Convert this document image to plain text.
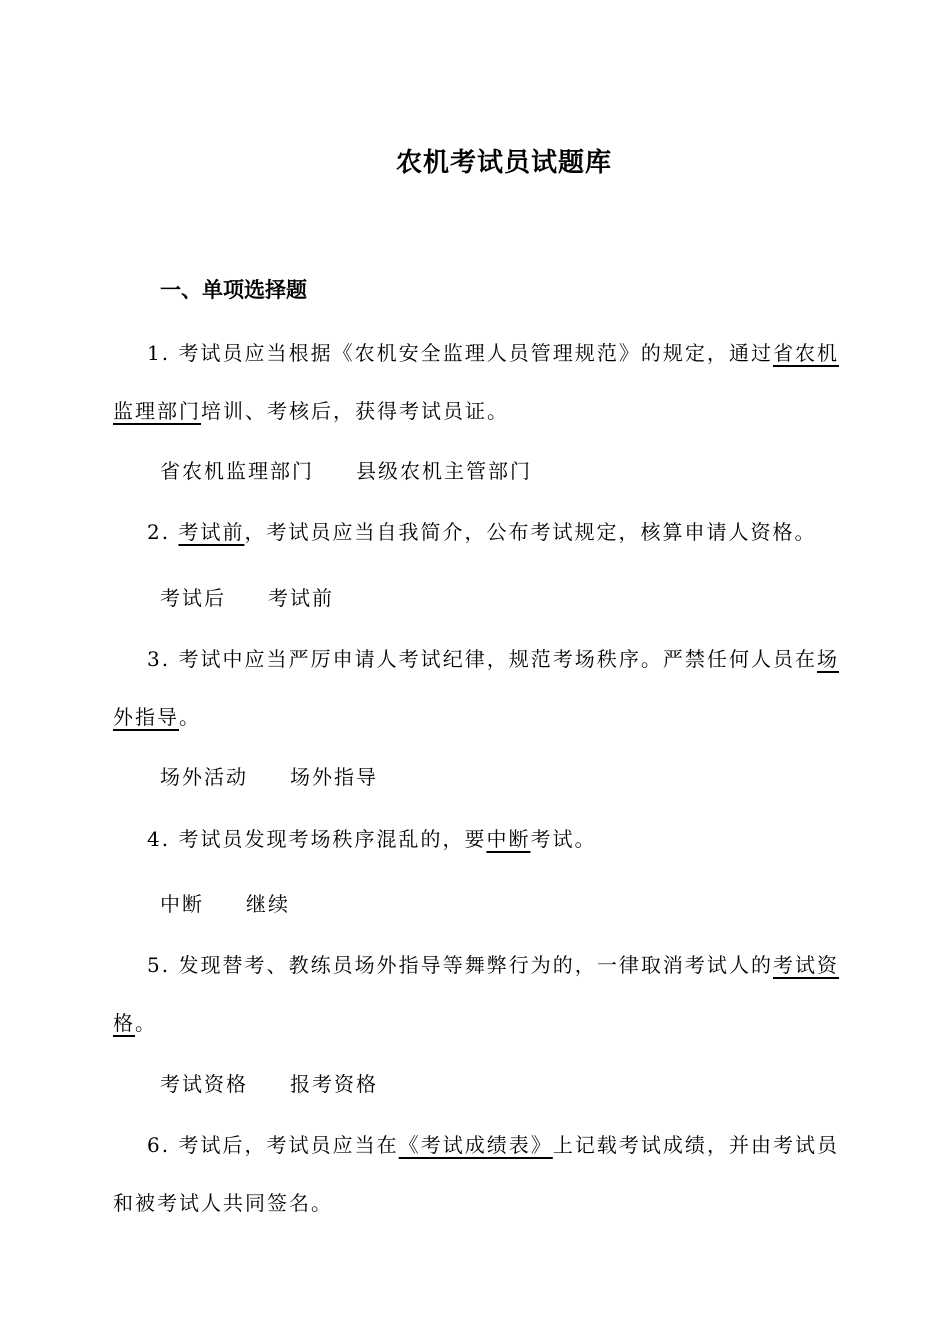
农机考试员试题库
一、单项选择题
1. 考试员应当根据《农机安全监理人员管理规范》的规定，通过省农机监理部门培训、考核后，获得考试员证。
省农机监理部门 县级农机主管部门
2. 考试前，考试员应当自我简介，公布考试规定，核算申请人资格。
考试后 考试前
3. 考试中应当严厉申请人考试纪律，规范考场秩序。严禁任何人员在场外指导。
场外活动 场外指导
4. 考试员发现考场秩序混乱的，要中断考试。
中断 继续
5. 发现替考、教练员场外指导等舞弊行为的，一律取消考试人的考试资格。
考试资格 报考资格
6. 考试后，考试员应当在《考试成绩表》上记载考试成绩，并由考试员和被考试人共同签名。
